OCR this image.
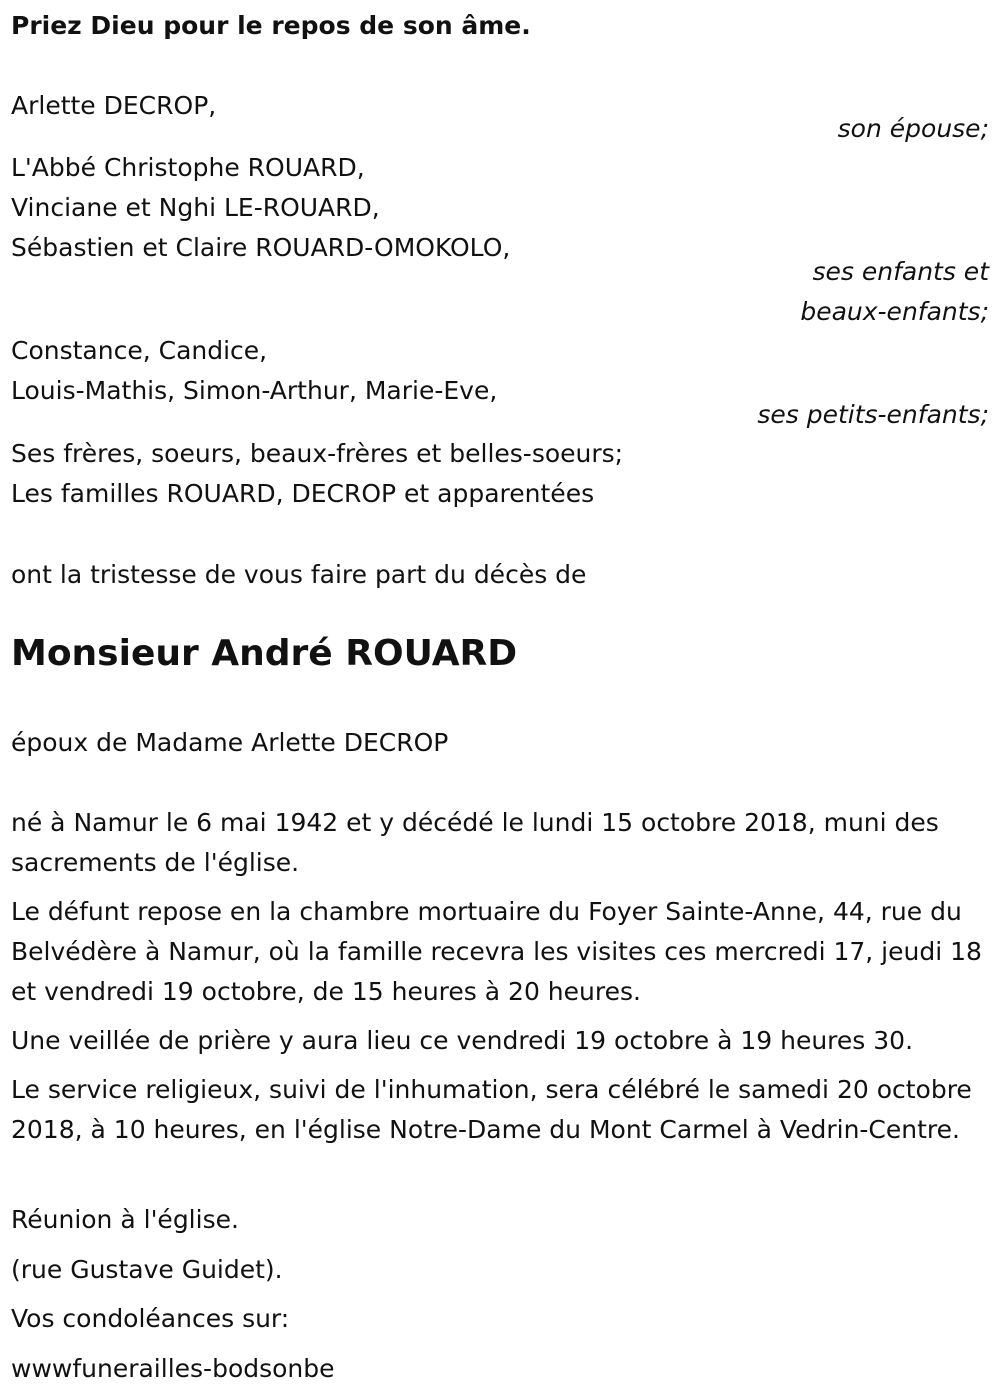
Priez Dieu pour le repos de son âme.
Arlette DECROP,
son épouse;
L'Abbé Christophe ROUARD,
Vinciane et Nghi LE-ROUARD,
Sébastien et Claire ROUARD-OMOKOLO,
ses enfants et
beaux-enfants;
Constance, Candice,
Louis-Mathis, Simon-Arthur, Marie-Eve,
ses petits-enfants;
Ses frères, soeurs, beaux-frères et belles-soeurs;
Les familles ROUARD, DECROP et apparentées
ont la tristesse de vous faire part du décès de
Monsieur André ROUARD
époux de Madame Arlette DECROP
né à Namur le 6 mai 1942 et y décédé le lundi 15 octobre 2018, muni des sacrements de l'église.
Le défunt repose en la chambre mortuaire du Foyer Sainte-Anne, 44, rue du Belvédère à Namur, où la famille recevra les visites ces mercredi 17, jeudi 18 et vendredi 19 octobre, de 15 heures à 20 heures.
Une veillée de prière y aura lieu ce vendredi 19 octobre à 19 heures 30.
Le service religieux, suivi de l'inhumation, sera célébré le samedi 20 octobre 2018, à 10 heures, en l'église Notre-Dame du Mont Carmel à Vedrin-Centre.
Réunion à l'église.
(rue Gustave Guidet).
Vos condoléances sur:
wwwfunerailles-bodsonbe
